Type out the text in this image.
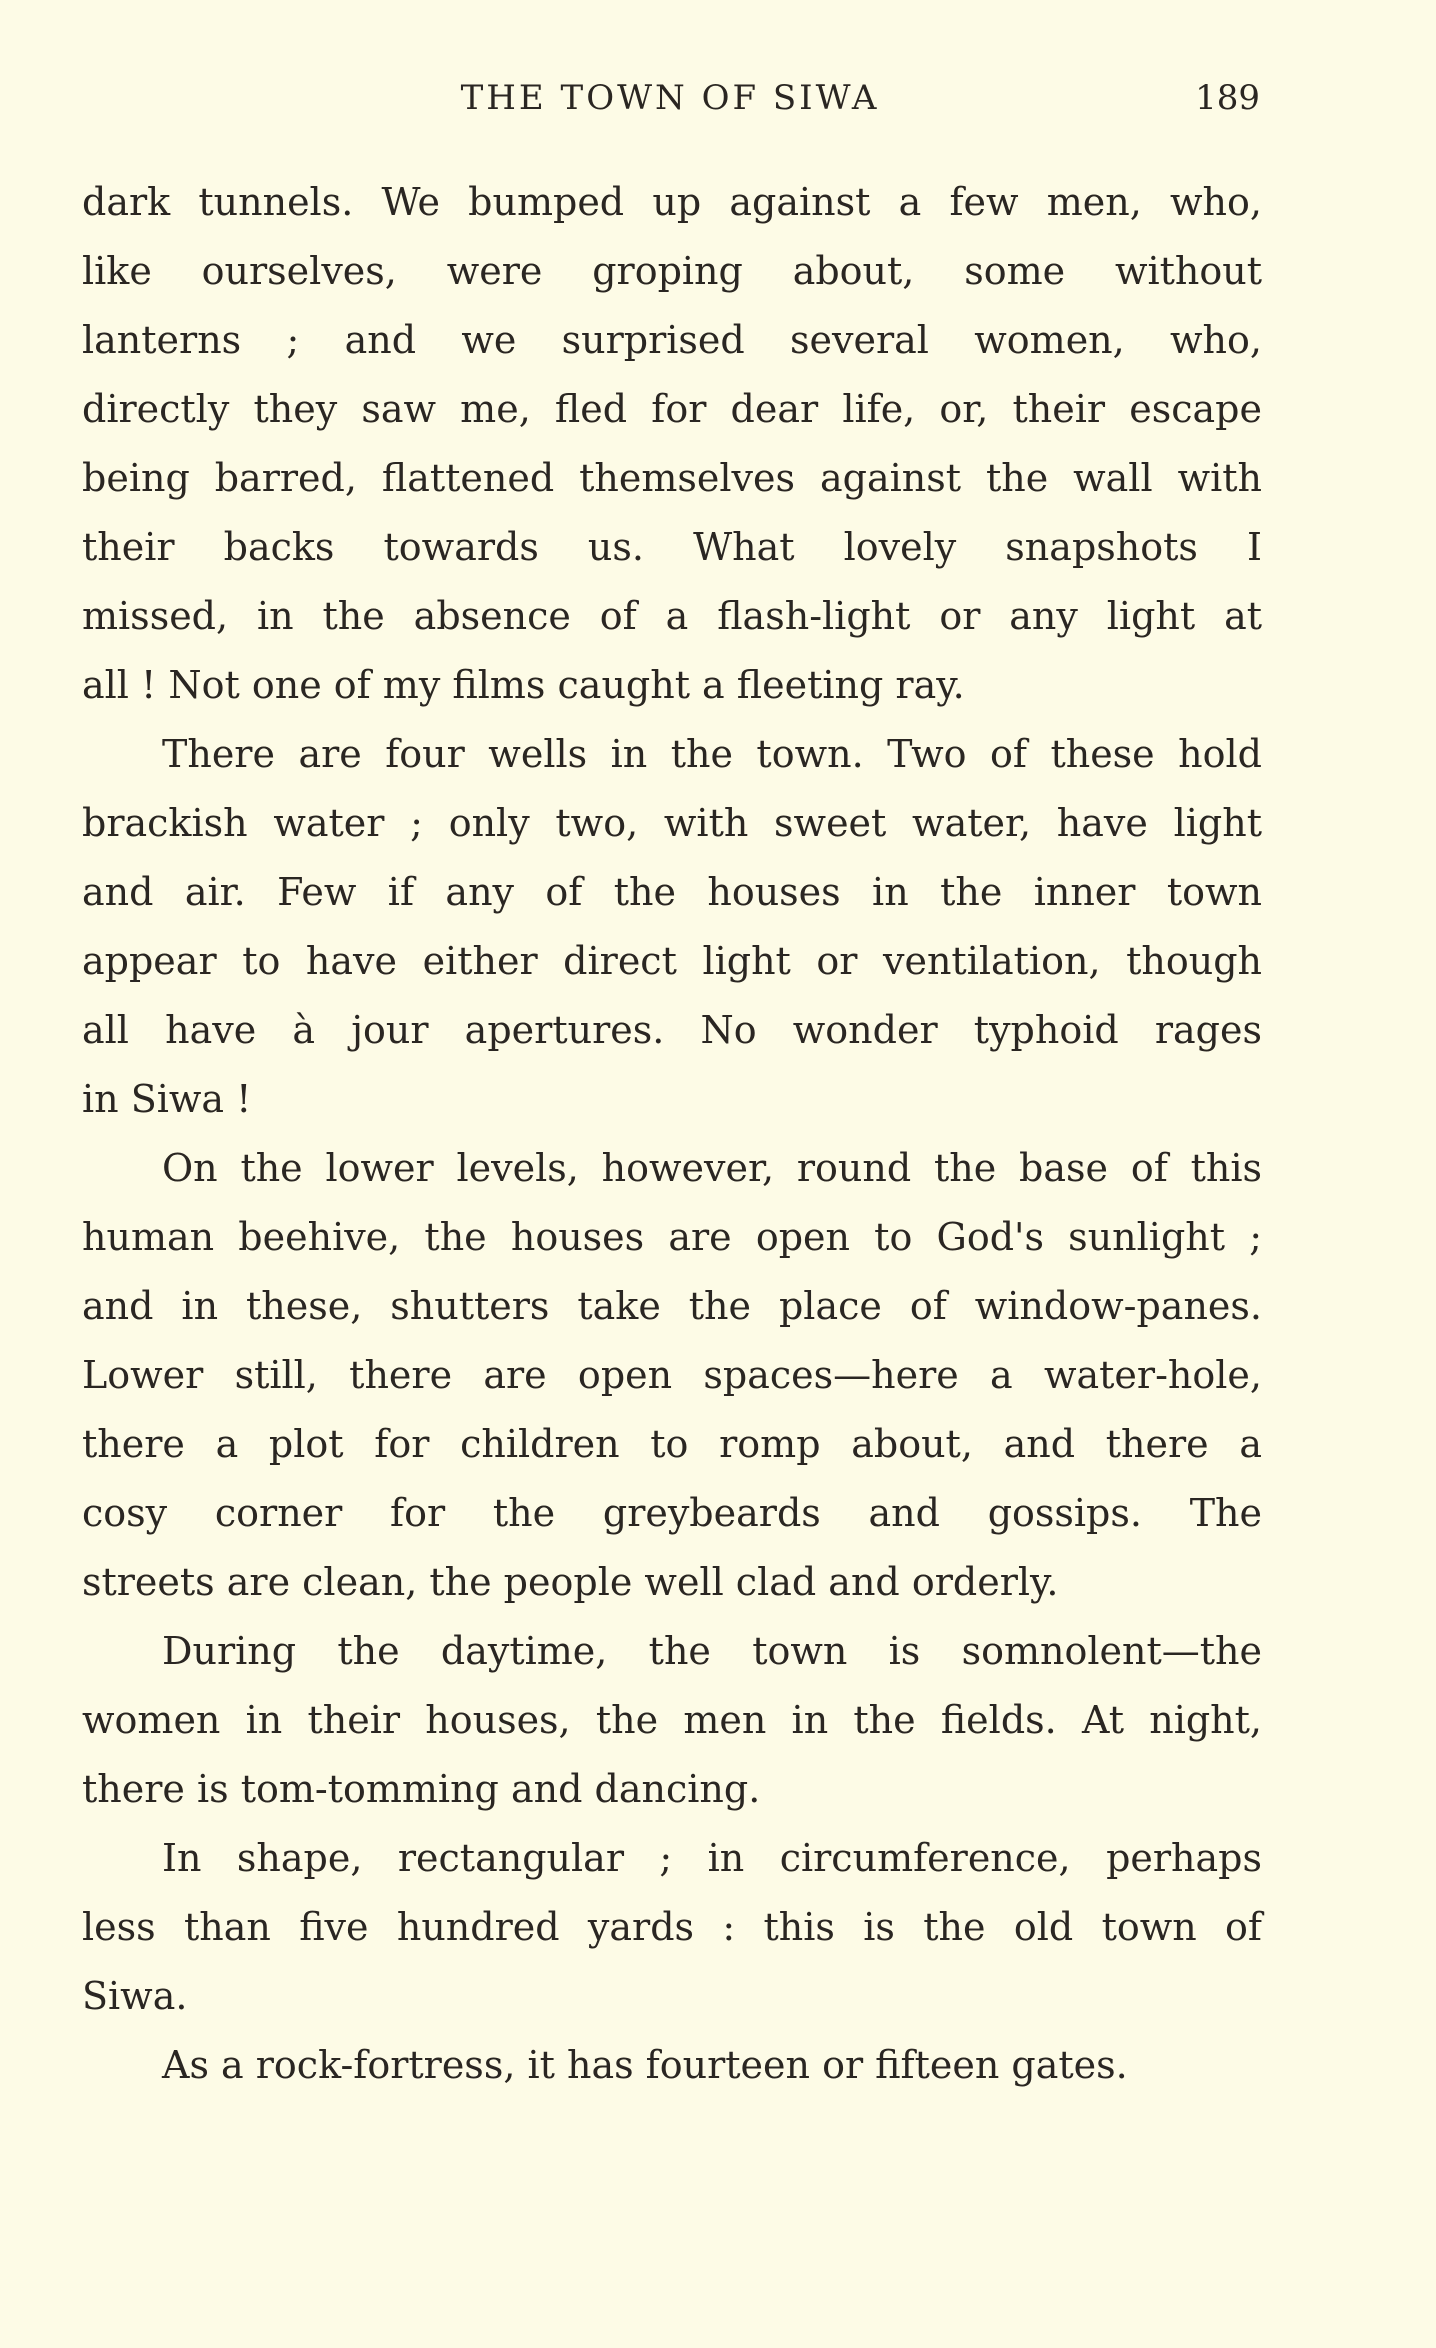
THE TOWN OF SIWA	189
dark tunnels. We bumped up against a few men, who,
like ourselves, were groping about, some without
lanterns ; and we surprised several women, who,
directly they saw me, fled for dear life, or, their escape
being barred, flattened themselves against the wall with
their backs towards us. What lovely snapshots I
missed, in the absence of a flash-light or any light at
all ! Not one of my films caught a fleeting ray.
There are four wells in the town. Two of these hold
brackish water ; only two, with sweet water, have light
and air. Few if any of the houses in the inner town
appear to have either direct light or ventilation, though
all have à jour apertures. No wonder typhoid rages
in Siwa !
On the lower levels, however, round the base of this
human beehive, the houses are open to God's sunlight ;
and in these, shutters take the place of window-panes.
Lower still, there are open spaces—here a water-hole,
there a plot for children to romp about, and there a
cosy corner for the greybeards and gossips. The
streets are clean, the people well clad and orderly.
During the daytime, the town is somnolent—the
women in their houses, the men in the fields. At night,
there is tom-tomming and dancing.
In shape, rectangular ; in circumference, perhaps
less than five hundred yards : this is the old town of
Siwa.
As a rock-fortress, it has fourteen or fifteen gates.
